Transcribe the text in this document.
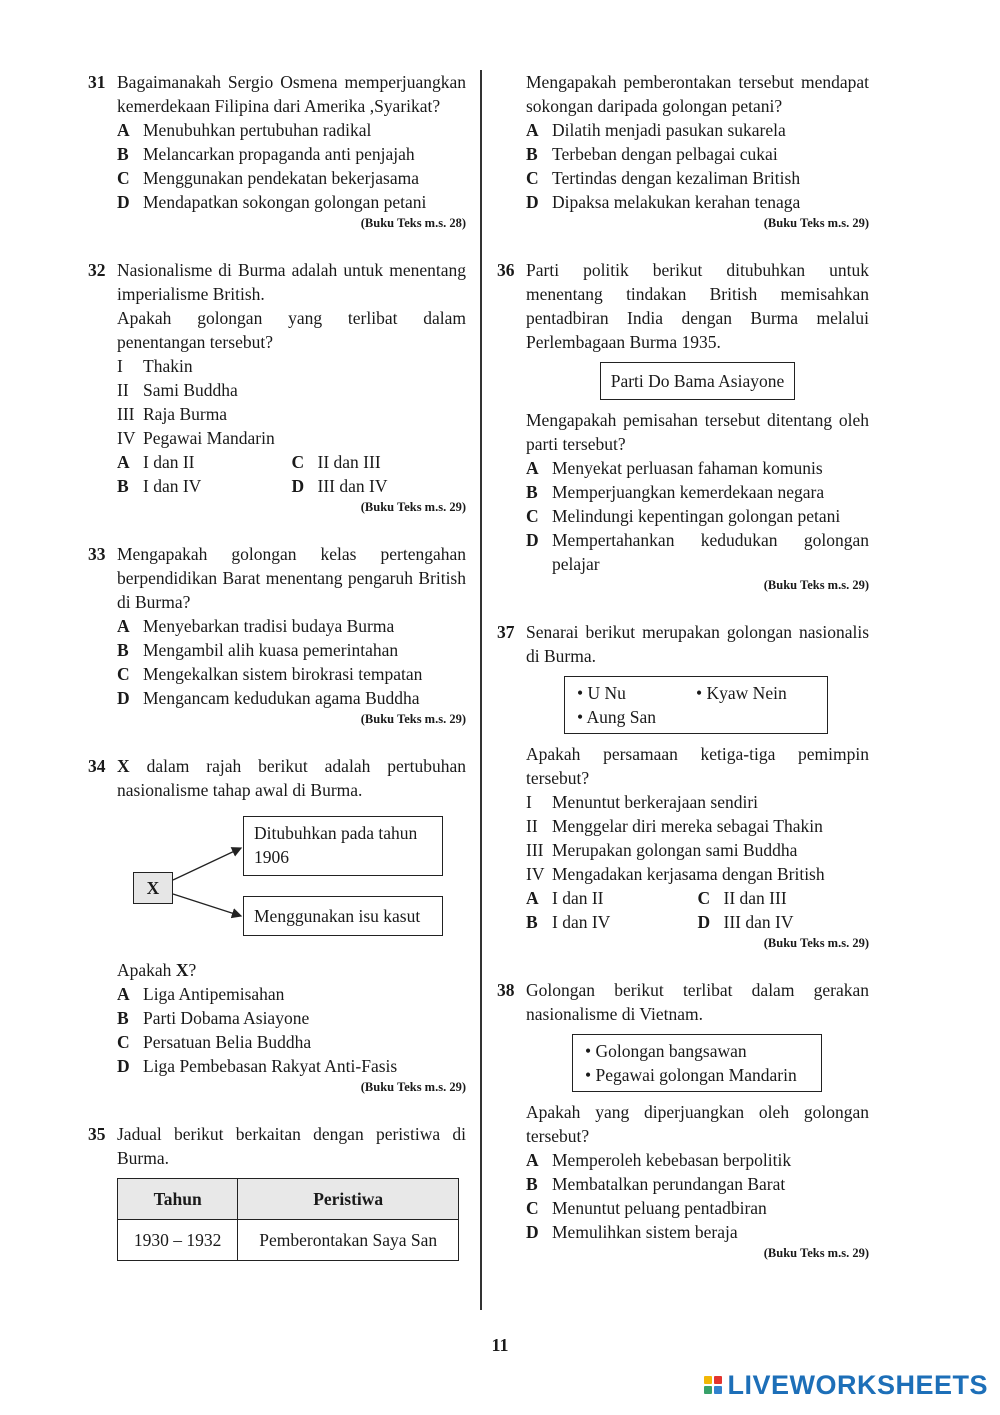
31 Bagaimanakah Sergio Osmena memperjuangkan kemerdekaan Filipina dari Amerika ,Syarikat?
A Menubuhkan pertubuhan radikal
B Melancarkan propaganda anti penjajah
C Menggunakan pendekatan bekerjasama
D Mendapatkan sokongan golongan petani
(Buku Teks m.s. 28)
32 Nasionalisme di Burma adalah untuk menentang imperialisme British.
Apakah golongan yang terlibat dalam penentangan tersebut?
I	Thakin
II Sami Buddha
III Raja Burma
IV Pegawai Mandarin
A I dan II	C II dan III
B I dan IV	D III dan IV
(Buku Teks m.s. 29)
33 Mengapakah golongan kelas pertengahan berpendidikan Barat menentang pengaruh British di Burma?
A Menyebarkan tradisi budaya Burma
B Mengambil alih kuasa pemerintahan
C Mengekalkan sistem birokrasi tempatan
D Mengancam kedudukan agama Buddha
(Buku Teks m.s. 29)
34 X dalam rajah berikut adalah pertubuhan nasionalisme tahap awal di Burma.
X
Ditubuhkan pada tahun 1906
Menggunakan isu kasut
Apakah X?
A Liga Antipemisahan
B Parti Dobama Asiayone
C Persatuan Belia Buddha
D Liga Pembebasan Rakyat Anti-Fasis
(Buku Teks m.s. 29)
35 Jadual berikut berkaitan dengan peristiwa di Burma.
Tahun	Peristiwa
1930 – 1932	Pemberontakan Saya San
Mengapakah pemberontakan tersebut mendapat sokongan daripada golongan petani?
A Dilatih menjadi pasukan sukarela
B Terbeban dengan pelbagai cukai
C Tertindas dengan kezaliman British
D Dipaksa melakukan kerahan tenaga
(Buku Teks m.s. 29)
36 Parti politik berikut ditubuhkan untuk menentang tindakan British memisahkan pentadbiran India dengan Burma melalui Perlembagaan Burma 1935.
Parti Do Bama Asiayone
Mengapakah pemisahan tersebut ditentang oleh parti tersebut?
A Menyekat perluasan fahaman komunis
B Memperjuangkan kemerdekaan negara
C Melindungi kepentingan golongan petani
D Mempertahankan kedudukan golongan pelajar
(Buku Teks m.s. 29)
37 Senarai berikut merupakan golongan nasionalis di Burma.
• U Nu	• Kyaw Nein
• Aung San
Apakah persamaan ketiga-tiga pemimpin tersebut?
I	Menuntut berkerajaan sendiri
II Menggelar diri mereka sebagai Thakin
III Merupakan golongan sami Buddha
IV Mengadakan kerjasama dengan British
A I dan II	C II dan III
B I dan IV	D III dan IV
(Buku Teks m.s. 29)
38 Golongan berikut terlibat dalam gerakan nasionalisme di Vietnam.
• Golongan bangsawan
• Pegawai golongan Mandarin
Apakah yang diperjuangkan oleh golongan tersebut?
A Memperoleh kebebasan berpolitik
B Membatalkan perundangan Barat
C Menuntut peluang pentadbiran
D Memulihkan sistem beraja
(Buku Teks m.s. 29)
11
LIVEWORKSHEETS
